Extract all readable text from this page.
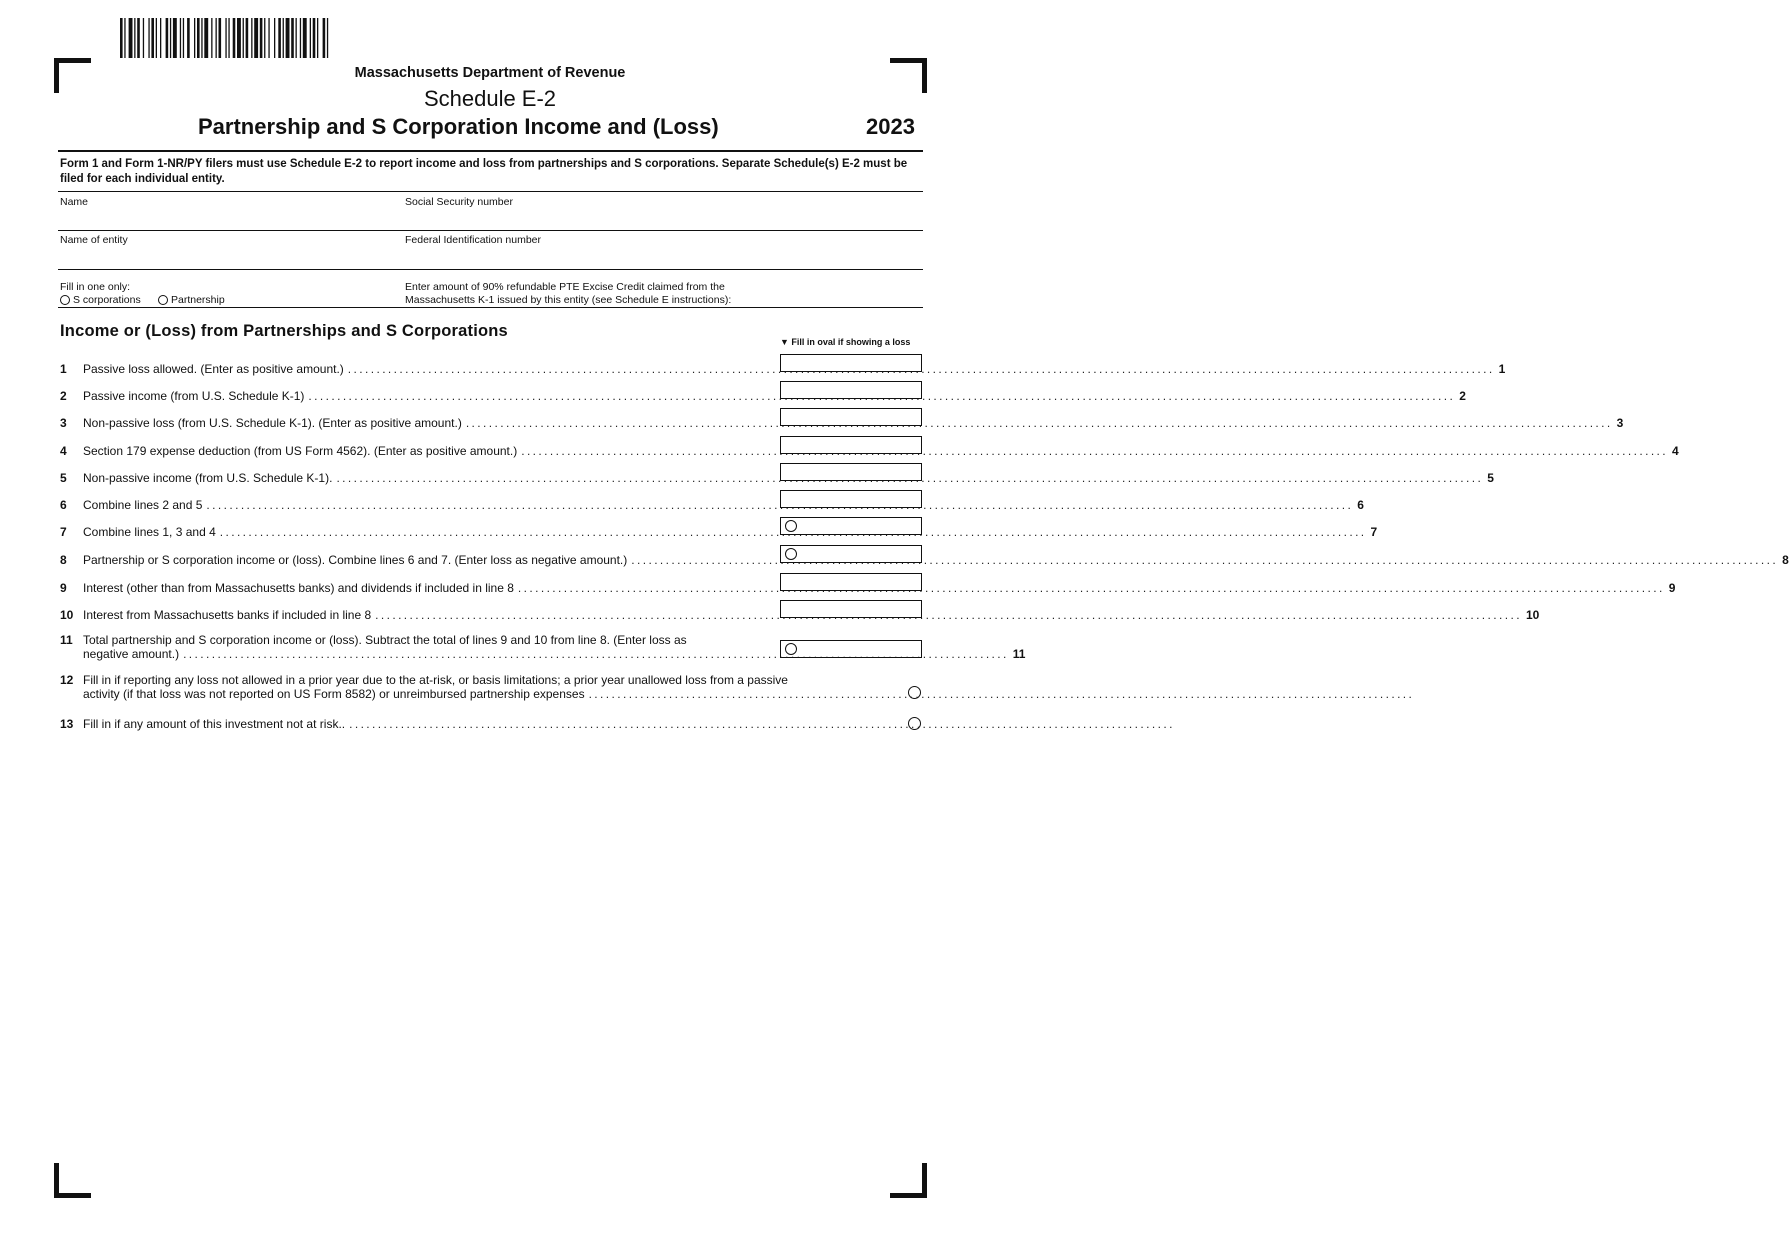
Massachusetts Department of Revenue
Schedule E-2
Partnership and S Corporation Income and (Loss)	2023
Form 1 and Form 1-NR/PY filers must use Schedule E-2 to report income and loss from partnerships and S corporations. Separate Schedule(s) E-2 must be filed for each individual entity.
Name	Social Security number
Name of entity	Federal Identification number
Fill in one only:
S corporations	Partnership
Enter amount of 90% refundable PTE Excise Credit claimed from the
Massachusetts K-1 issued by this entity (see Schedule E instructions):
Income or (Loss) from Partnerships and S Corporations
▼ Fill in oval if showing a loss
1	Passive loss allowed. (Enter as positive amount.) ........................................................................................................................................................................................................ 1
2	Passive income (from U.S. Schedule K-1) ........................................................................................................................................................................................................ 2
3	Non-passive loss (from U.S. Schedule K-1). (Enter as positive amount.) ........................................................................................................................................................................................................ 3
4	Section 179 expense deduction (from US Form 4562). (Enter as positive amount.) ........................................................................................................................................................................................................ 4
5	Non-passive income (from U.S. Schedule K-1). ........................................................................................................................................................................................................ 5
6	Combine lines 2 and 5 ........................................................................................................................................................................................................ 6
7	Combine lines 1, 3 and 4 ........................................................................................................................................................................................................ 7
8	Partnership or S corporation income or (loss). Combine lines 6 and 7. (Enter loss as negative amount.) ........................................................................................................................................................................................................ 8
9	Interest (other than from Massachusetts banks) and dividends if included in line 8 ........................................................................................................................................................................................................ 9
10 Interest from Massachusetts banks if included in line 8 ........................................................................................................................................................................................................ 10
11 Total partnership and S corporation income or (loss). Subtract the total of lines 9 and 10 from line 8. (Enter loss as
negative amount.) ................................................................................................................................................ 11
12 Fill in if reporting any loss not allowed in a prior year due to the at-risk, or basis limitations; a prior year unallowed loss from a passive
activity (if that loss was not reported on US Form 8582) or unreimbursed partnership expenses ................................................................................................................................................
13 Fill in if any amount of this investment not at risk.. ................................................................................................................................................
